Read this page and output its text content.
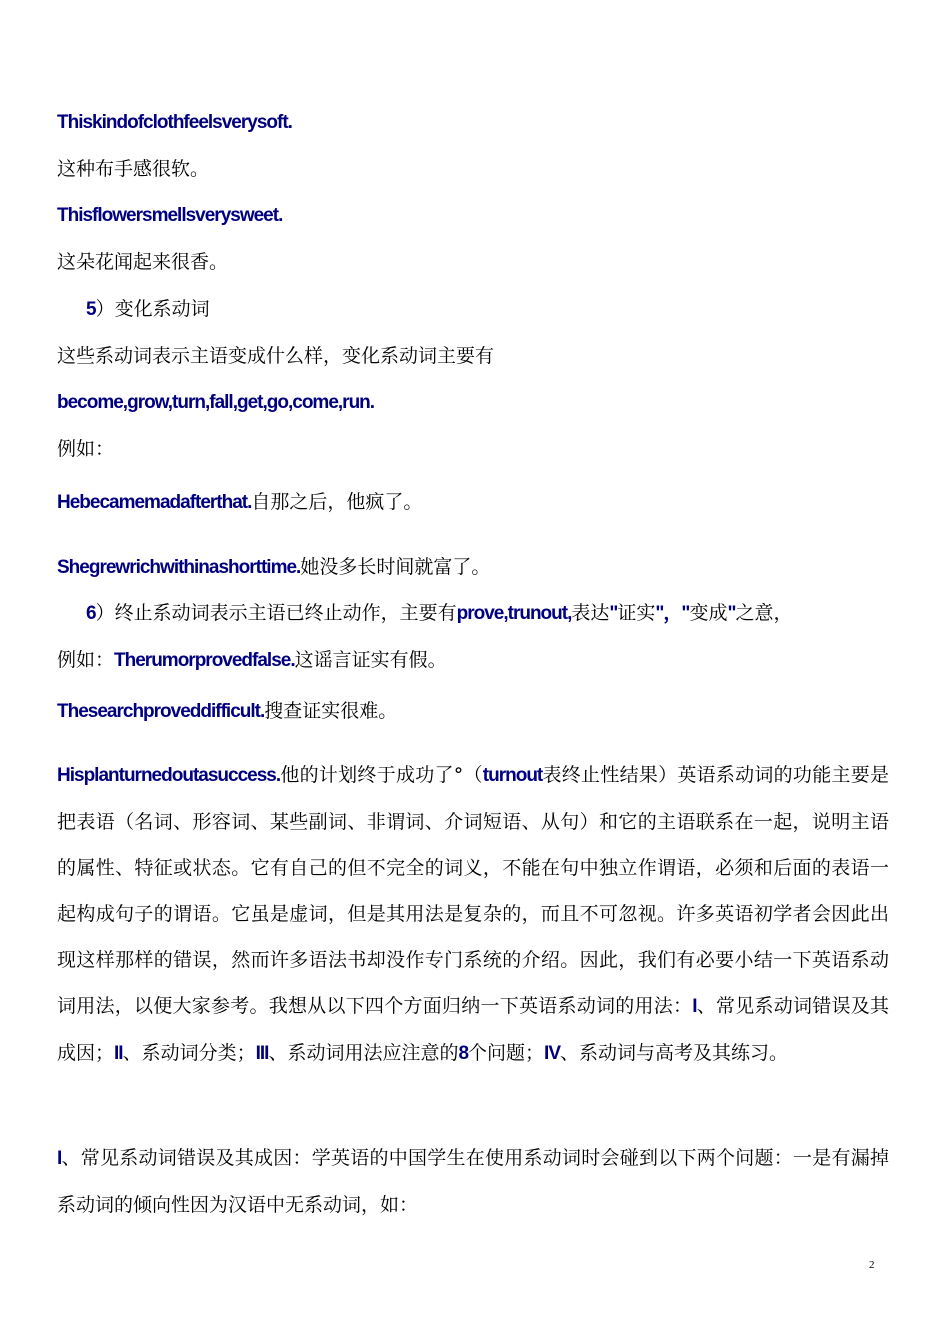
Thiskindofclothfeelsverysoft.
这种布手感很软。
Thisflowersmellsverysweet.
这朵花闻起来很香。
5）变化系动词
这些系动词表示主语变成什么样，变化系动词主要有
become,grow,turn,fall,get,go,come,run.
例如：
Hebecamemadafterthat.自那之后，他疯了。
Shegrewrichwithinashorttime.她没多长时间就富了。
6）终止系动词表示主语已终止动作，主要有prove,trunout,表达"证实"，"变成"之意，
例如：Therumorprovedfalse.这谣言证实有假。
Thesearchproveddifficult.搜查证实很难。
Hisplanturnedoutasuccess.他的计划终于成功了°（turnout表终止性结果）英语系动词的功能主要是把表语（名词、形容词、某些副词、非谓词、介词短语、从句）和它的主语联系在一起，说明主语的属性、特征或状态。它有自己的但不完全的词义，不能在句中独立作谓语，必须和后面的表语一起构成句子的谓语。它虽是虚词，但是其用法是复杂的，而且不可忽视。许多英语初学者会因此出现这样那样的错误，然而许多语法书却没作专门系统的介绍。因此，我们有必要小结一下英语系动词用法，以便大家参考。我想从以下四个方面归纳一下英语系动词的用法：I、常见系动词错误及其成因；II、系动词分类；III、系动词用法应注意的8个问题；IV、系动词与高考及其练习。
I、常见系动词错误及其成因：学英语的中国学生在使用系动词时会碰到以下两个问题：一是有漏掉系动词的倾向性因为汉语中无系动词，如：
2
